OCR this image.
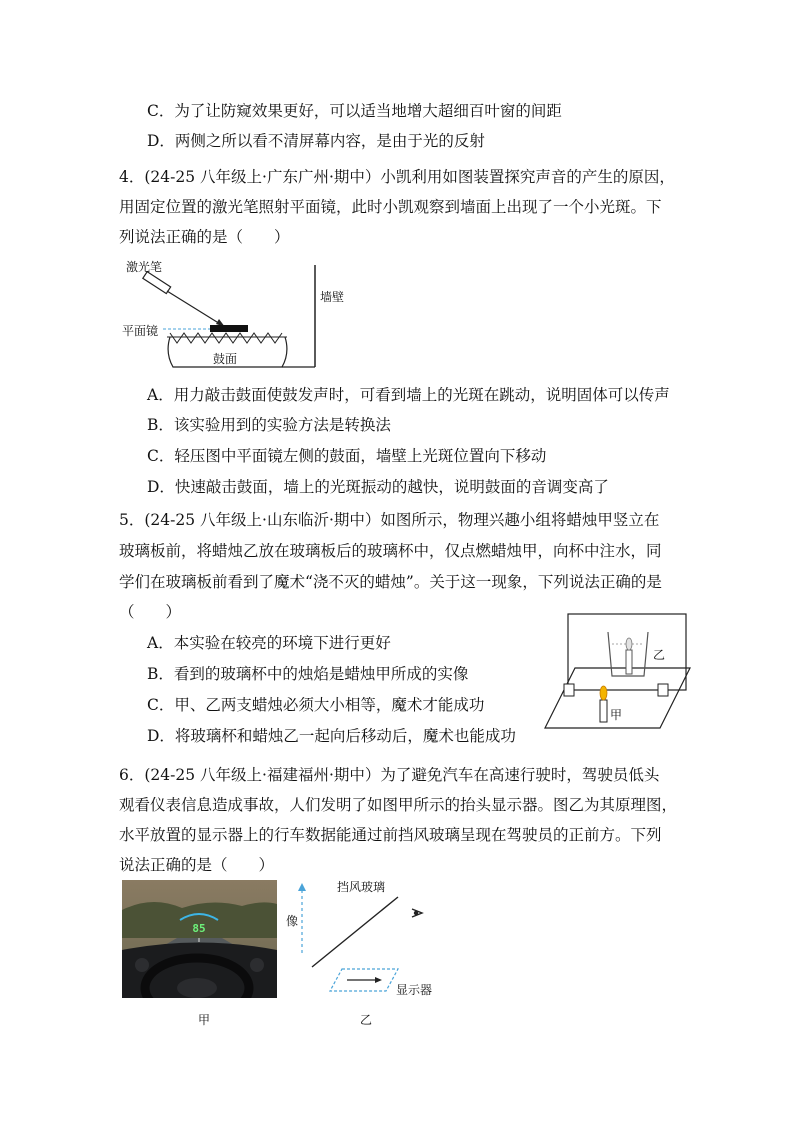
C．为了让防窥效果更好，可以适当地增大超细百叶窗的间距
D．两侧之所以看不清屏幕内容，是由于光的反射
4．(24-25 八年级上·广东广州·期中）小凯利用如图装置探究声音的产生的原因，
用固定位置的激光笔照射平面镜，此时小凯观察到墙面上出现了一个小光斑。下
列说法正确的是（　　）
激光笔
墙壁
平面镜
鼓面
A．用力敲击鼓面使鼓发声时，可看到墙上的光斑在跳动，说明固体可以传声
B．该实验用到的实验方法是转换法
C．轻压图中平面镜左侧的鼓面，墙壁上光斑位置向下移动
D．快速敲击鼓面，墙上的光斑振动的越快，说明鼓面的音调变高了
5．(24-25 八年级上·山东临沂·期中）如图所示，物理兴趣小组将蜡烛甲竖立在
玻璃板前，将蜡烛乙放在玻璃板后的玻璃杯中，仅点燃蜡烛甲，向杯中注水，同
学们在玻璃板前看到了魔术“浇不灭的蜡烛”。关于这一现象，下列说法正确的是
（　　）
A．本实验在较亮的环境下进行更好
B．看到的玻璃杯中的烛焰是蜡烛甲所成的实像
C．甲、乙两支蜡烛必须大小相等，魔术才能成功
D．将玻璃杯和蜡烛乙一起向后移动后，魔术也能成功
乙
甲
6．(24-25 八年级上·福建福州·期中）为了避免汽车在高速行驶时，驾驶员低头
观看仪表信息造成事故，人们发明了如图甲所示的抬头显示器。图乙为其原理图，
水平放置的显示器上的行车数据能通过前挡风玻璃呈现在驾驶员的正前方。下列
说法正确的是（　　）
85
挡风玻璃
像
显示器
甲	乙
